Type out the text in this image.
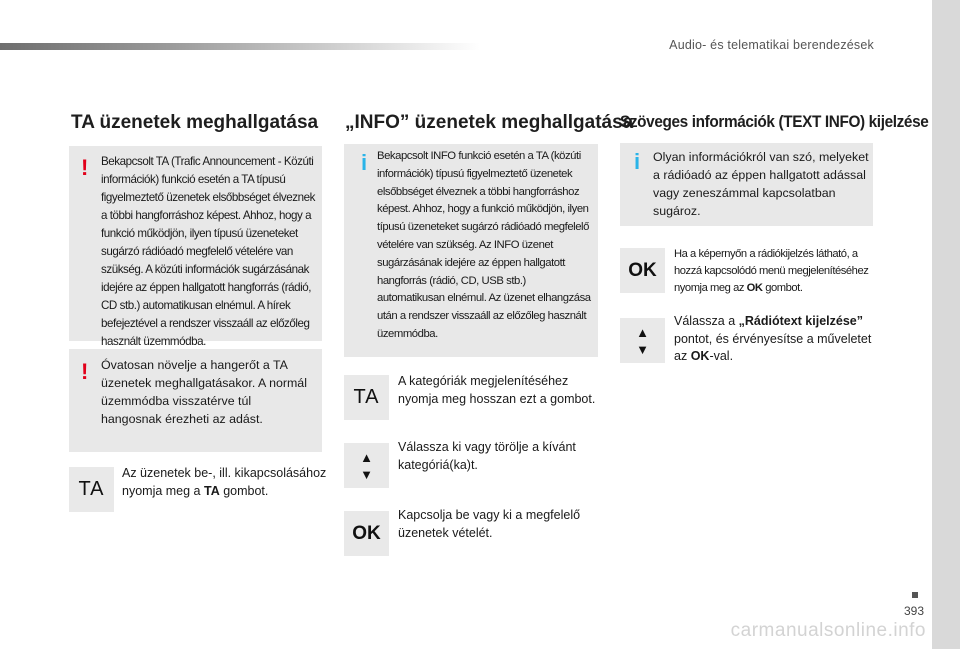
Audio- és telematikai berendezések
393
carmanualsonline.info
TA üzenetek meghallgatása
! Bekapcsolt TA (Trafic Announcement - Közúti információk) funkció esetén a TA típusú figyelmeztető üzenetek elsőbbséget élveznek a többi hangforráshoz képest. Ahhoz, hogy a funkció működjön, ilyen típusú üzeneteket sugárzó rádióadó megfelelő vételére van szükség. A közúti információk sugárzásának idejére az éppen hallgatott hangforrás (rádió, CD stb.) automatikusan elnémul. A hírek befejeztével a rendszer visszaáll az előzőleg használt üzemmódba.
! Óvatosan növelje a hangerőt a TA üzenetek meghallgatásakor. A normál üzemmódba visszatérve túl hangosnak érezheti az adást.
TA
Az üzenetek be-, ill. kikapcsolásához nyomja meg a TA gombot.
„INFO” üzenetek meghallgatása
i Bekapcsolt INFO funkció esetén a TA (közúti információk) típusú figyelmeztető üzenetek elsőbbséget élveznek a többi hangforráshoz képest. Ahhoz, hogy a funkció működjön, ilyen típusú üzeneteket sugárzó rádióadó megfelelő vételére van szükség. Az INFO üzenet sugárzásának idejére az éppen hallgatott hangforrás (rádió, CD, USB stb.) automatikusan elnémul. Az üzenet elhangzása után a rendszer visszaáll az előzőleg használt üzemmódba.
TA
A kategóriák megjelenítéséhez nyomja meg hosszan ezt a gombot.
▲
▼
Válassza ki vagy törölje a kívánt kategóriá(ka)t.
OK
Kapcsolja be vagy ki a megfelelő üzenetek vételét.
Szöveges információk (TEXT INFO) kijelzése
i Olyan információkról van szó, melyeket a rádióadó az éppen hallgatott adással vagy zeneszámmal kapcsolatban sugároz.
OK
Ha a képernyőn a rádiókijelzés látható, a hozzá kapcsolódó menü megjelenítéséhez nyomja meg az OK gombot.
▲
▼
Válassza a „Rádiótext kijelzése” pontot, és érvényesítse a műveletet az OK-val.
